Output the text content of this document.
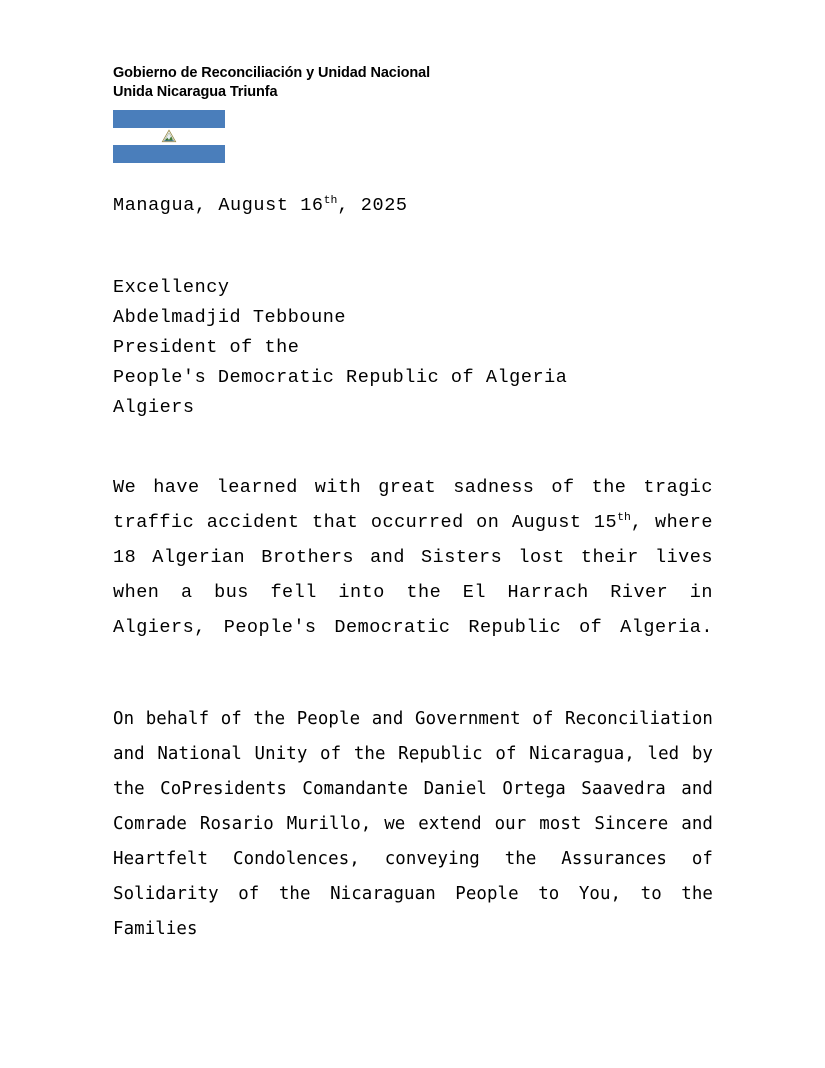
Gobierno de Reconciliación y Unidad Nacional
Unida Nicaragua Triunfa
Managua, August 16th, 2025
Excellency
Abdelmadjid Tebboune
President of the
People's Democratic Republic of Algeria
Algiers
We have learned with great sadness of the tragic traffic accident that occurred on August 15th, where 18 Algerian Brothers and Sisters lost their lives when a bus fell into the El Harrach River in Algiers, People's Democratic Republic of Algeria.
On behalf of the People and Government of Reconciliation and National Unity of the Republic of Nicaragua, led by the CoPresidents Comandante Daniel Ortega Saavedra and Comrade Rosario Murillo, we extend our most Sincere and Heartfelt Condolences, conveying the Assurances of Solidarity of the Nicaraguan People to You, to the Families
